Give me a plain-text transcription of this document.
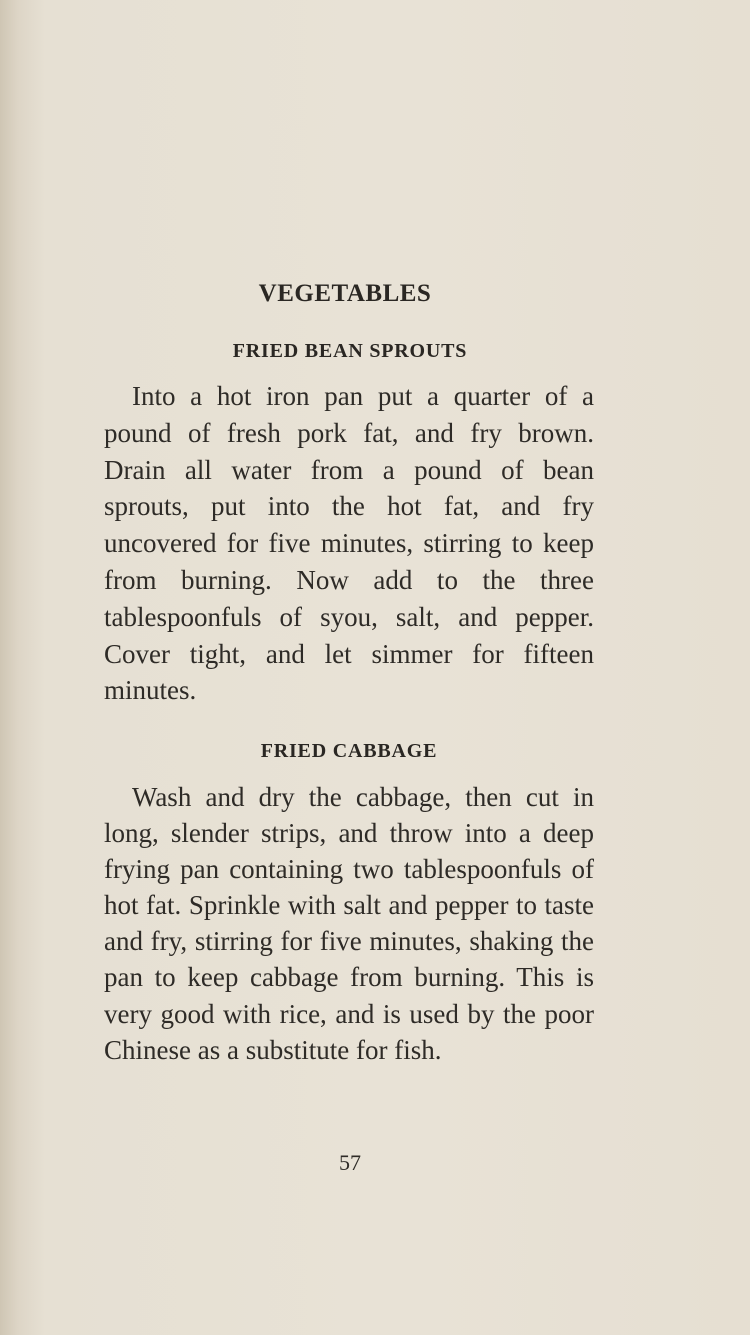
VEGETABLES
FRIED BEAN SPROUTS
Into a hot iron pan put a quarter of a pound of fresh pork fat, and fry brown. Drain all water from a pound of bean sprouts, put into the hot fat, and fry uncovered for five minutes, stirring to keep from burning. Now add to the three tablespoonfuls of syou, salt, and pepper. Cover tight, and let simmer for fifteen minutes.
FRIED CABBAGE
Wash and dry the cabbage, then cut in long, slender strips, and throw into a deep frying pan containing two tablespoonfuls of hot fat. Sprinkle with salt and pepper to taste and fry, stirring for five minutes, shaking the pan to keep cabbage from burning. This is very good with rice, and is used by the poor Chinese as a substitute for fish.
57
